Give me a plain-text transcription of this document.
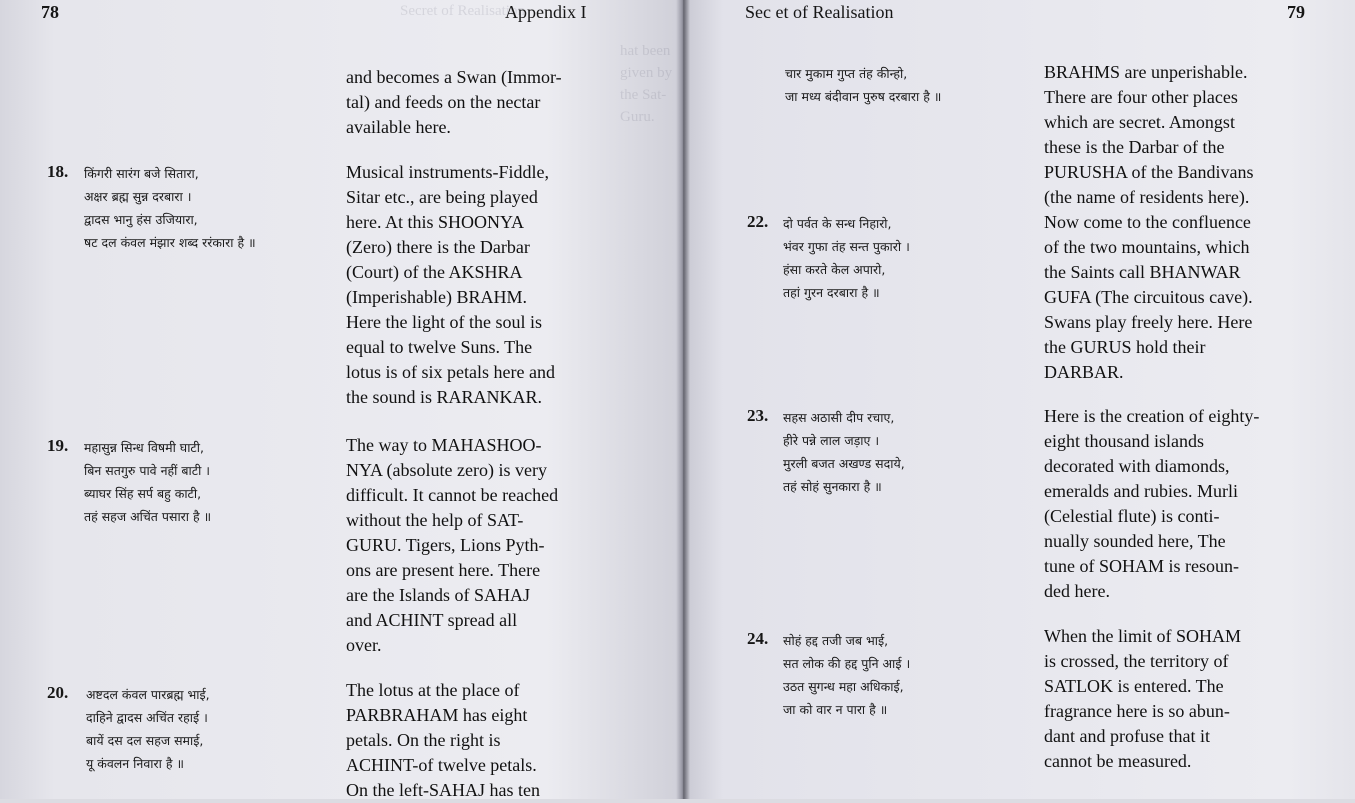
Secret of Realisation
hat been given by the Sat-Guru.
78	Appendix I
and becomes a Swan (Immor-
tal) and feeds on the nectar
available here.
18. किंगरी सारंग बजे सितारा,
अक्षर ब्रह्म सुन्न दरबारा ।
द्वादस भानु हंस उजियारा,
षट दल कंवल मंझार शब्द ररंकारा है ॥
Musical instruments-Fiddle,
Sitar etc., are being played
here. At this SHOONYA
(Zero) there is the Darbar
(Court) of the AKSHRA
(Imperishable) BRAHM.
Here the light of the soul is
equal to twelve Suns. The
lotus is of six petals here and
the sound is RARANKAR.
19. महासुन्न सिन्ध विषमी घाटी,
बिन सतगुरु पावे नहीं बाटी ।
ब्याघर सिंह सर्प बहु काटी,
तहं सहज अचिंत पसारा है ॥
The way to MAHASHOO-
NYA (absolute zero) is very
difficult. It cannot be reached
without the help of SAT-
GURU. Tigers, Lions Pyth-
ons are present here. There
are the Islands of SAHAJ
and ACHINT spread all
over.
20. अष्टदल कंवल पारब्रह्म भाई,
दाहिने द्वादस अचिंत रहाई ।
बायें दस दल सहज समाई,
यू कंवलन निवारा है ॥
The lotus at the place of
PARBRAHAM has eight
petals. On the right is
ACHINT-of twelve petals.
On the left-SAHAJ has ten
Sec et of Realisation	79
चार मुकाम गुप्त तंह कीन्हो,
जा मध्य बंदीवान पुरुष दरबारा है ॥
BRAHMS are unperishable.
There are four other places
which are secret. Amongst
these is the Darbar of the
PURUSHA of the Bandivans
(the name of residents here).
22. दो पर्वत के सन्ध निहारो,
भंवर गुफा तंह सन्त पुकारो ।
हंसा करते केल अपारो,
तहां गुरन दरबारा है ॥
Now come to the confluence
of the two mountains, which
the Saints call BHANWAR
GUFA (The circuitous cave).
Swans play freely here. Here
the GURUS hold their
DARBAR.
23. सहस अठासी दीप रचाए,
हीरे पन्ने लाल जड़ाए ।
मुरली बजत अखण्ड सदाये,
तहं सोहं सुनकारा है ॥
Here is the creation of eighty-
eight thousand islands
decorated with diamonds,
emeralds and rubies. Murli
(Celestial flute) is conti-
nually sounded here, The
tune of SOHAM is resoun-
ded here.
24. सोहं हद्द तजी जब भाई,
सत लोक की हद्द पुनि आई ।
उठत सुगन्ध महा अधिकाई,
जा को वार न पारा है ॥
When the limit of SOHAM
is crossed, the territory of
SATLOK is entered. The
fragrance here is so abun-
dant and profuse that it
cannot be measured.
